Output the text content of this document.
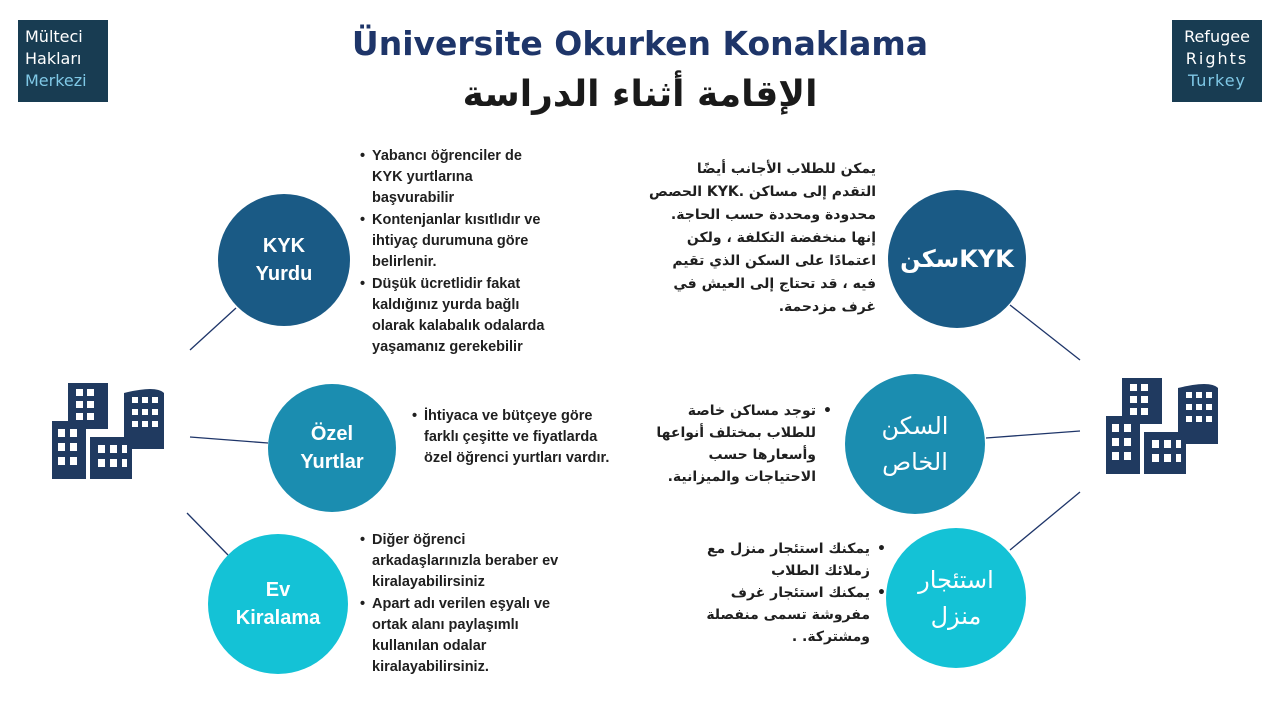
Mülteci
Hakları
Merkezi
Refugee
Rights
Turkey
Üniversite Okurken Konaklama
الإقامة أثناء الدراسة
KYK
Yurdu
Özel
Yurtlar
Ev
Kiralama
سكنKYK
السكن
الخاص
استئجار
منزل
• Yabancı öğrenciler de KYK yurtlarına başvurabilir
• Kontenjanlar kısıtlıdır ve ihtiyaç durumuna göre belirlenir.
• Düşük ücretlidir fakat kaldığınız yurda bağlı olarak kalabalık odalarda yaşamanız gerekebilir
• İhtiyaca ve bütçeye göre farklı çeşitte ve fiyatlarda özel öğrenci yurtları vardır.
• Diğer öğrenci arkadaşlarınızla beraber ev kiralayabilirsiniz
• Apart adı verilen eşyalı ve ortak alanı paylaşımlı kullanılan odalar kiralayabilirsiniz.
يمكن للطلاب الأجانب أيضًا التقدم إلى مساكن .KYK الحصص محدودة ومحددة حسب الحاجة. إنها منخفضة التكلفة ، ولكن اعتمادًا على السكن الذي تقيم فيه ، قد تحتاج إلى العيش في غرف مزدحمة.
• توجد مساكن خاصة للطلاب بمختلف أنواعها وأسعارها حسب الاحتياجات والميزانية.
• يمكنك استئجار منزل مع زملائك الطلاب
• يمكنك استئجار غرف مفروشة تسمى منفصلة ومشتركة. .
